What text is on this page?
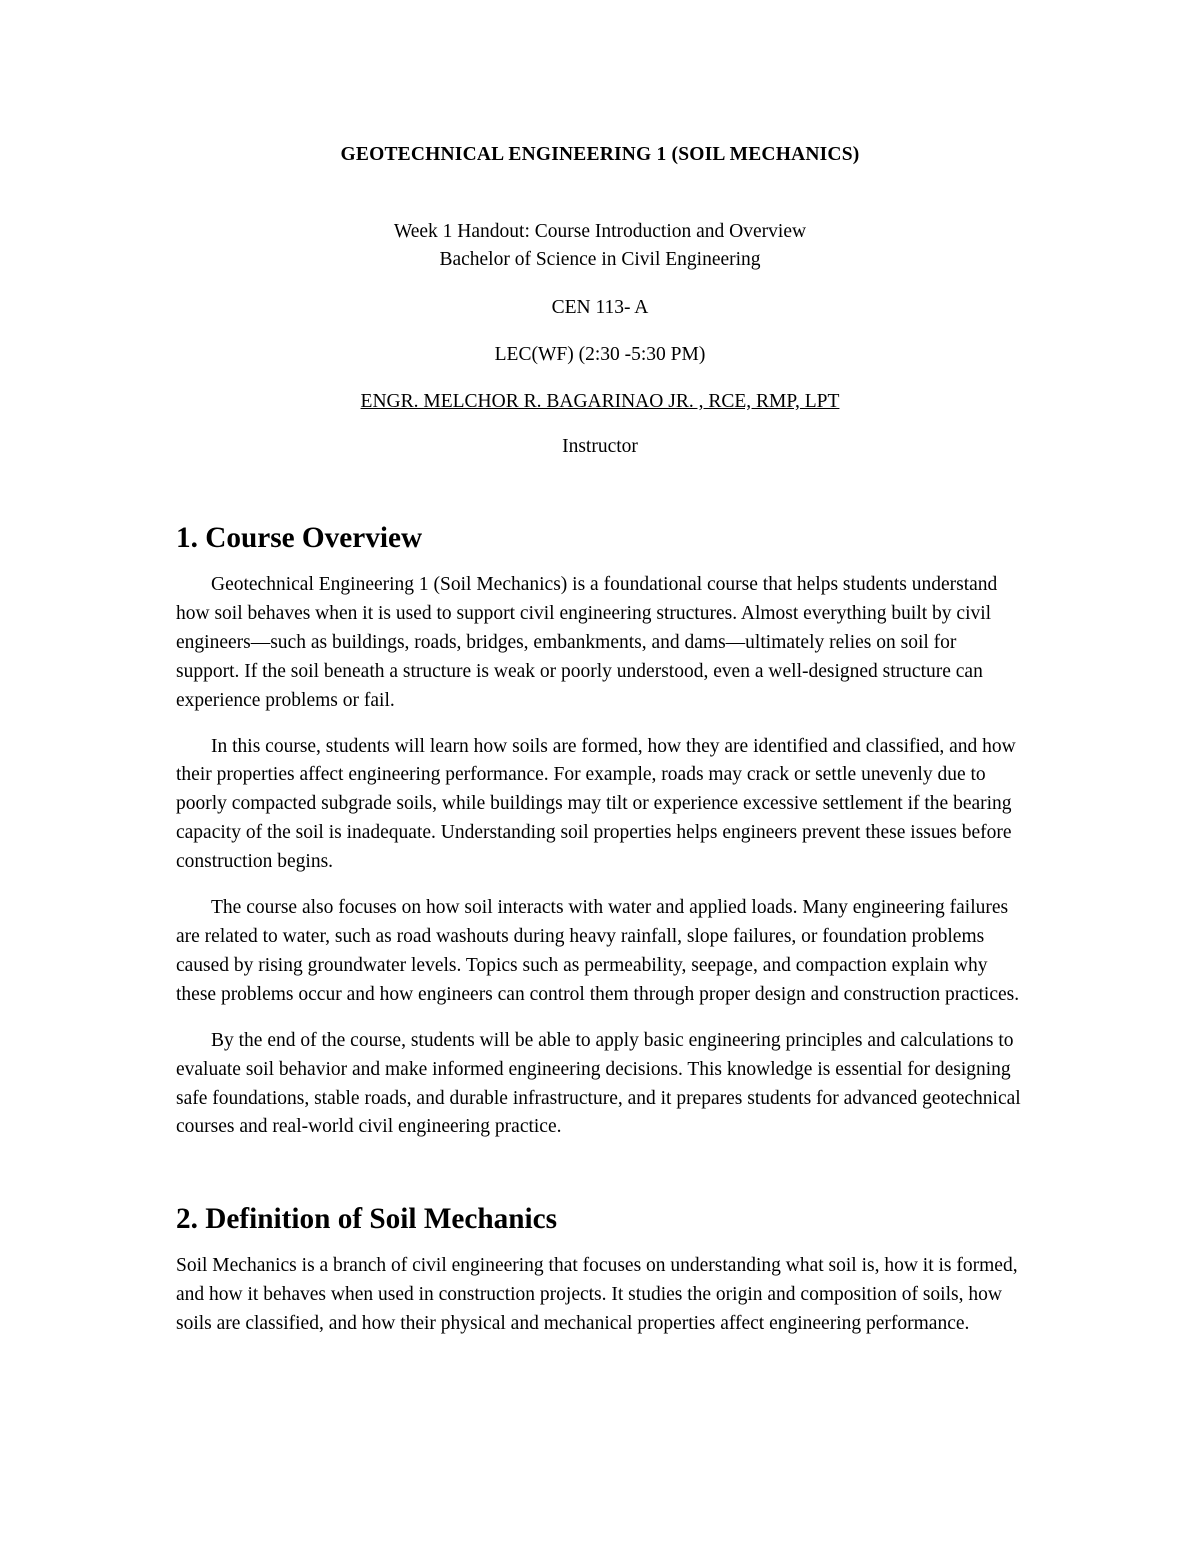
GEOTECHNICAL ENGINEERING 1 (SOIL MECHANICS)

Week 1 Handout: Course Introduction and Overview

Bachelor of Science in Civil Engineering

CEN 113- A

LEC(WF) (2:30 -5:30 PM)

ENGR. MELCHOR R. BAGARINAO JR. , RCE, RMP, LPT

Instructor

1. Course Overview

Geotechnical Engineering 1 (Soil Mechanics) is a foundational course that helps students understand how soil behaves when it is used to support civil engineering structures. Almost everything built by civil engineers—such as buildings, roads, bridges, embankments, and dams—ultimately relies on soil for support. If the soil beneath a structure is weak or poorly understood, even a well-designed structure can experience problems or fail.

In this course, students will learn how soils are formed, how they are identified and classified, and how their properties affect engineering performance. For example, roads may crack or settle unevenly due to poorly compacted subgrade soils, while buildings may tilt or experience excessive settlement if the bearing capacity of the soil is inadequate. Understanding soil properties helps engineers prevent these issues before construction begins.

The course also focuses on how soil interacts with water and applied loads. Many engineering failures are related to water, such as road washouts during heavy rainfall, slope failures, or foundation problems caused by rising groundwater levels. Topics such as permeability, seepage, and compaction explain why these problems occur and how engineers can control them through proper design and construction practices.

By the end of the course, students will be able to apply basic engineering principles and calculations to evaluate soil behavior and make informed engineering decisions. This knowledge is essential for designing safe foundations, stable roads, and durable infrastructure, and it prepares students for advanced geotechnical courses and real-world civil engineering practice.

2. Definition of Soil Mechanics

Soil Mechanics is a branch of civil engineering that focuses on understanding what soil is, how it is formed, and how it behaves when used in construction projects. It studies the origin and composition of soils, how soils are classified, and how their physical and mechanical properties affect engineering performance.
